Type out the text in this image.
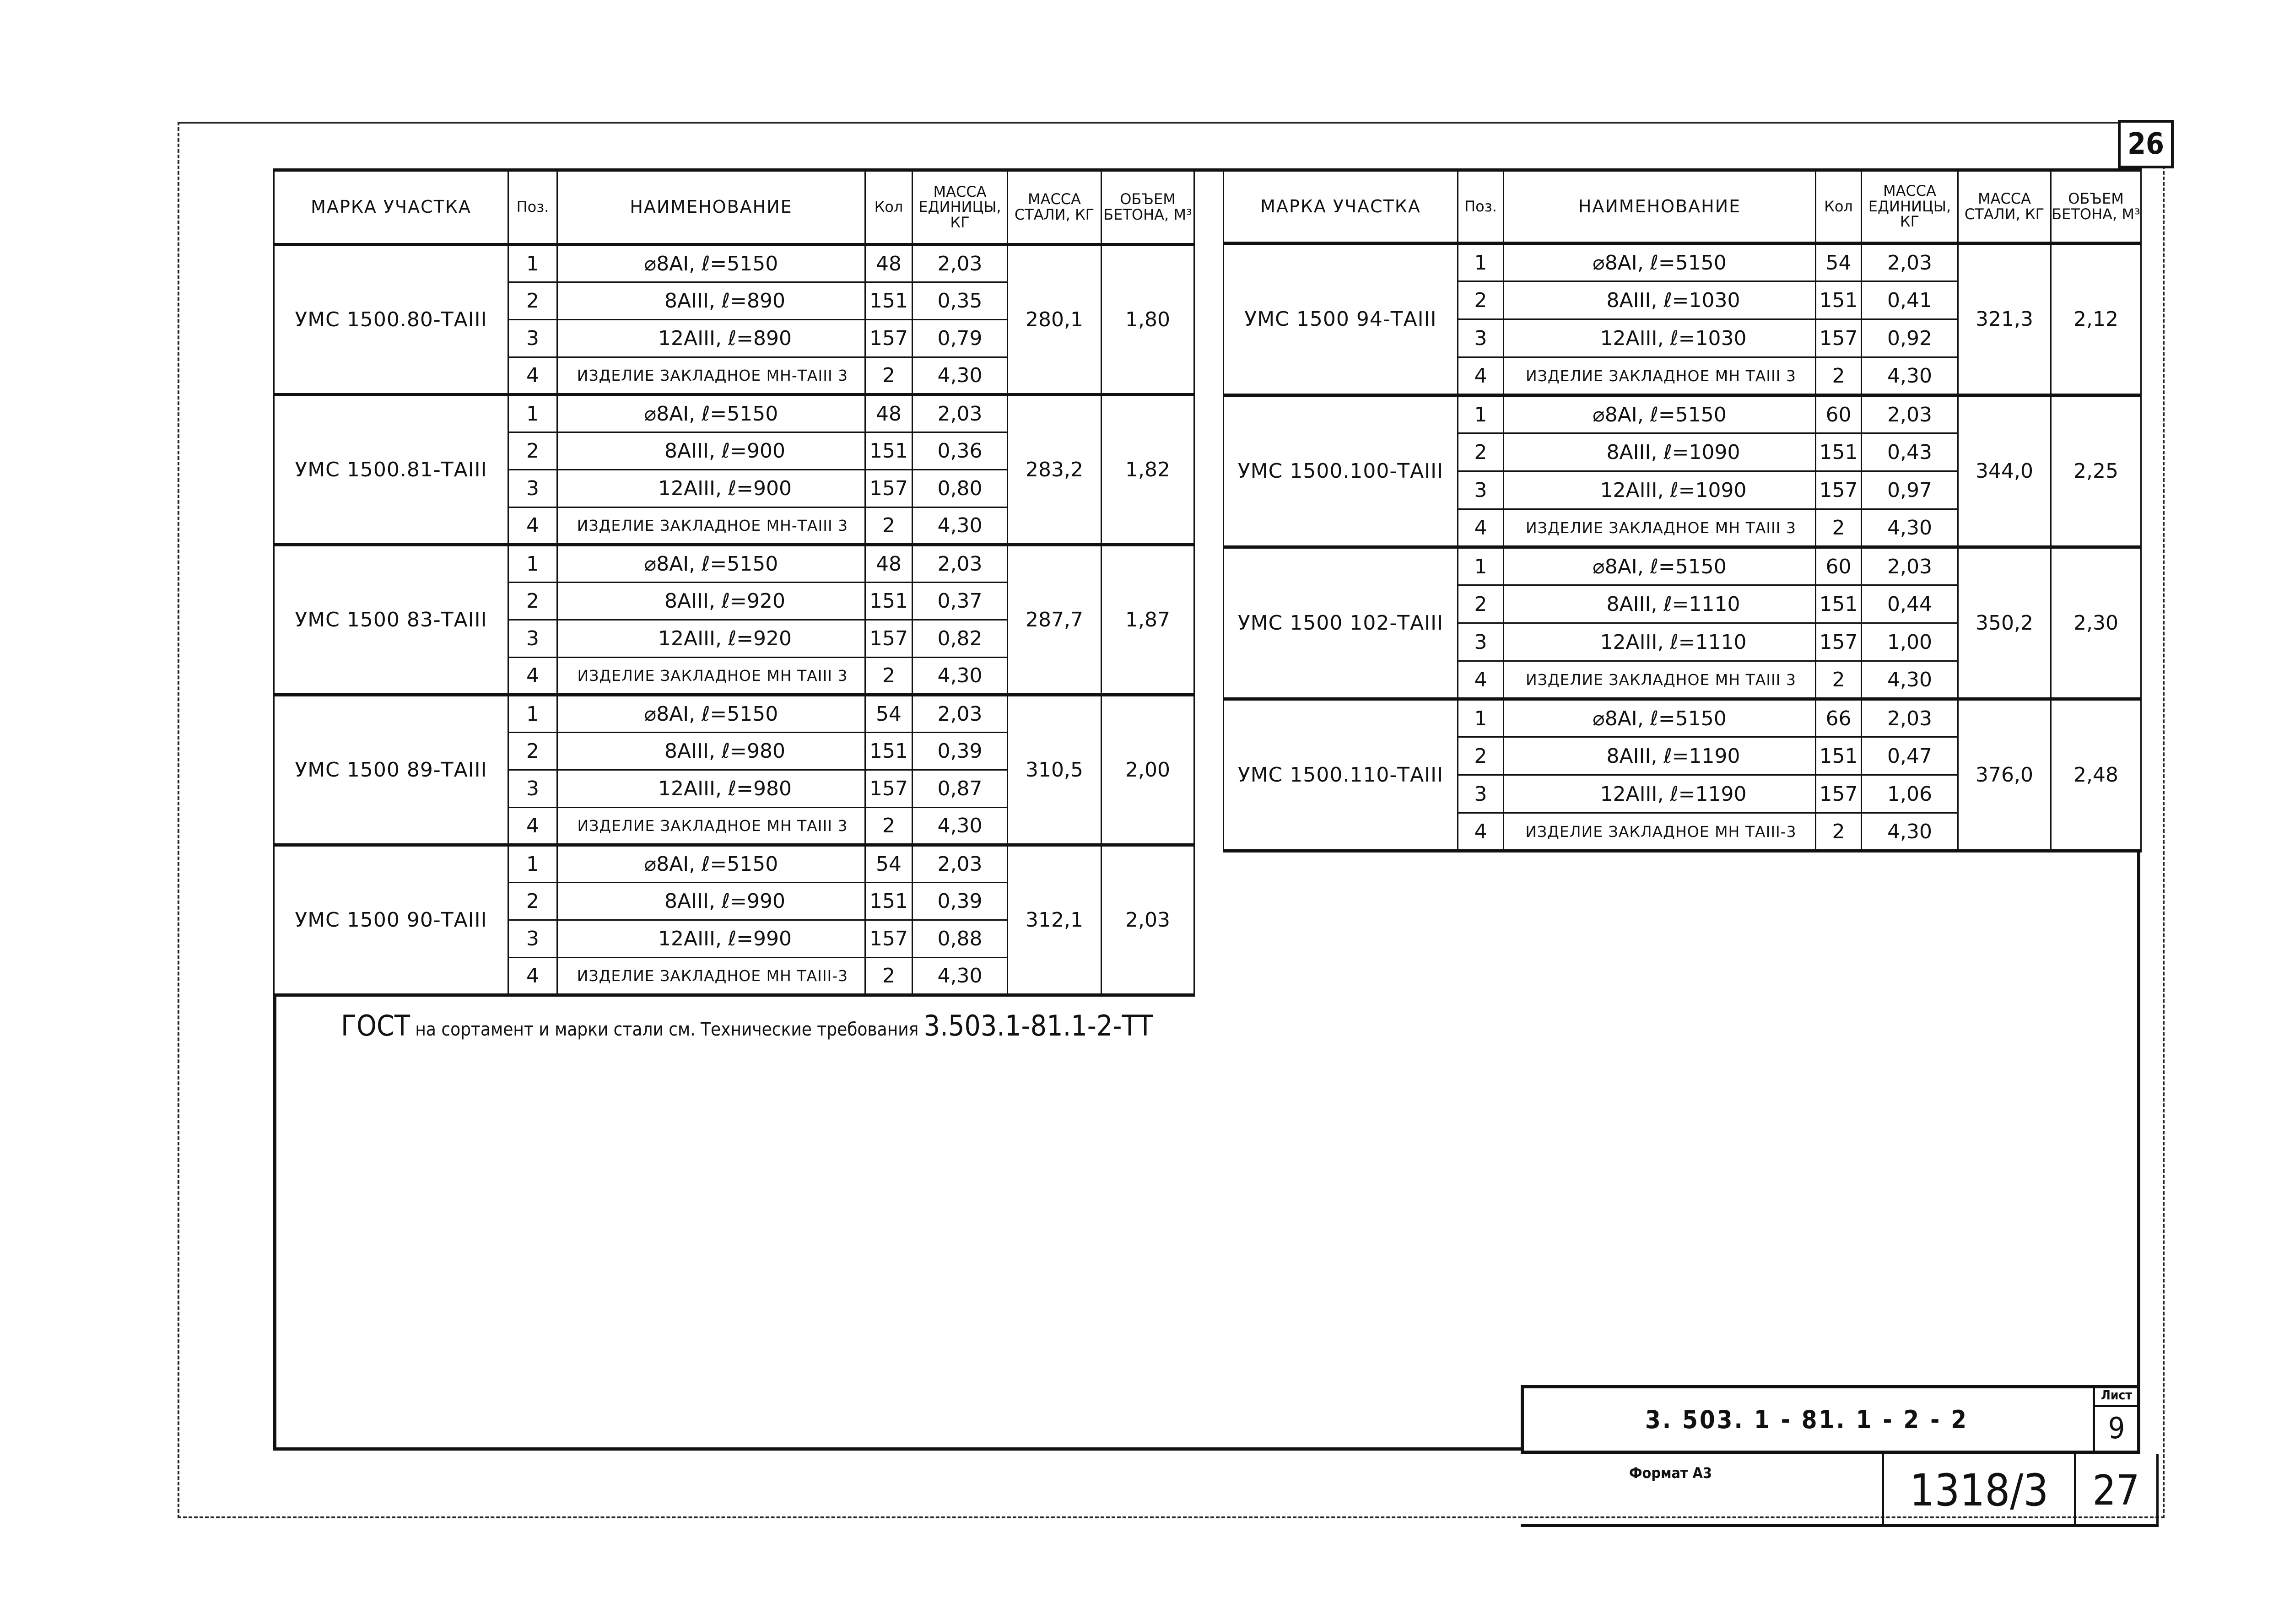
26
МАРКА УЧАСТКА	Поз.	НАИМЕНОВАНИЕ	Кол	МАССА ЕДИНИЦЫ, КГ	МАССА СТАЛИ, КГ	ОБЪЕМ БЕТОНА, М³
УМС 1500.80-ТАIII	1	⌀8АI, ℓ=5150	48	2,03	280,1	1,80
	2	8АIII, ℓ=890	151	0,35		
	3	12АIII, ℓ=890	157	0,79		
	4	ИЗДЕЛИЕ ЗАКЛАДНОЕ МН-ТАIII 3	2	4,30		
УМС 1500.81-ТАIII	1	⌀8АI, ℓ=5150	48	2,03	283,2	1,82
	2	8АIII, ℓ=900	151	0,36		
	3	12АIII, ℓ=900	157	0,80		
	4	ИЗДЕЛИЕ ЗАКЛАДНОЕ МН-ТАIII 3	2	4,30		
УМС 1500 83-ТАIII	1	⌀8АI, ℓ=5150	48	2,03	287,7	1,87
	2	8АIII, ℓ=920	151	0,37		
	3	12АIII, ℓ=920	157	0,82		
	4	ИЗДЕЛИЕ ЗАКЛАДНОЕ МН ТАIII 3	2	4,30		
УМС 1500 89-ТАIII	1	⌀8АI, ℓ=5150	54	2,03	310,5	2,00
	2	8АIII, ℓ=980	151	0,39		
	3	12АIII, ℓ=980	157	0,87		
	4	ИЗДЕЛИЕ ЗАКЛАДНОЕ МН ТАIII 3	2	4,30		
УМС 1500 90-ТАIII	1	⌀8АI, ℓ=5150	54	2,03	312,1	2,03
	2	8АIII, ℓ=990	151	0,39		
	3	12АIII, ℓ=990	157	0,88		
	4	ИЗДЕЛИЕ ЗАКЛАДНОЕ МН ТАIII-3	2	4,30		
МАРКА УЧАСТКА	Поз.	НАИМЕНОВАНИЕ	Кол	МАССА ЕДИНИЦЫ, КГ	МАССА СТАЛИ, КГ	ОБЪЕМ БЕТОНА, М³
УМС 1500 94-ТАIII	1	⌀8АI, ℓ=5150	54	2,03	321,3	2,12
	2	8АIII, ℓ=1030	151	0,41		
	3	12АIII, ℓ=1030	157	0,92		
	4	ИЗДЕЛИЕ ЗАКЛАДНОЕ МН ТАIII 3	2	4,30		
УМС 1500.100-ТАIII	1	⌀8АI, ℓ=5150	60	2,03	344,0	2,25
	2	8АIII, ℓ=1090	151	0,43		
	3	12АIII, ℓ=1090	157	0,97		
	4	ИЗДЕЛИЕ ЗАКЛАДНОЕ МН ТАIII 3	2	4,30		
УМС 1500 102-ТАIII	1	⌀8АI, ℓ=5150	60	2,03	350,2	2,30
	2	8АIII, ℓ=1110	151	0,44		
	3	12АIII, ℓ=1110	157	1,00		
	4	ИЗДЕЛИЕ ЗАКЛАДНОЕ МН ТАIII 3	2	4,30		
УМС 1500.110-ТАIII	1	⌀8АI, ℓ=5150	66	2,03	376,0	2,48
	2	8АIII, ℓ=1190	151	0,47		
	3	12АIII, ℓ=1190	157	1,06		
	4	ИЗДЕЛИЕ ЗАКЛАДНОЕ МН ТАIII-3	2	4,30		
ГОСТ на сортамент и марки стали см. Технические требования 3.503.1-81.1-2-ТТ
3. 503. 1 - 81. 1 - 2 - 2
Лист
9
Формат А3	1318/3	27
